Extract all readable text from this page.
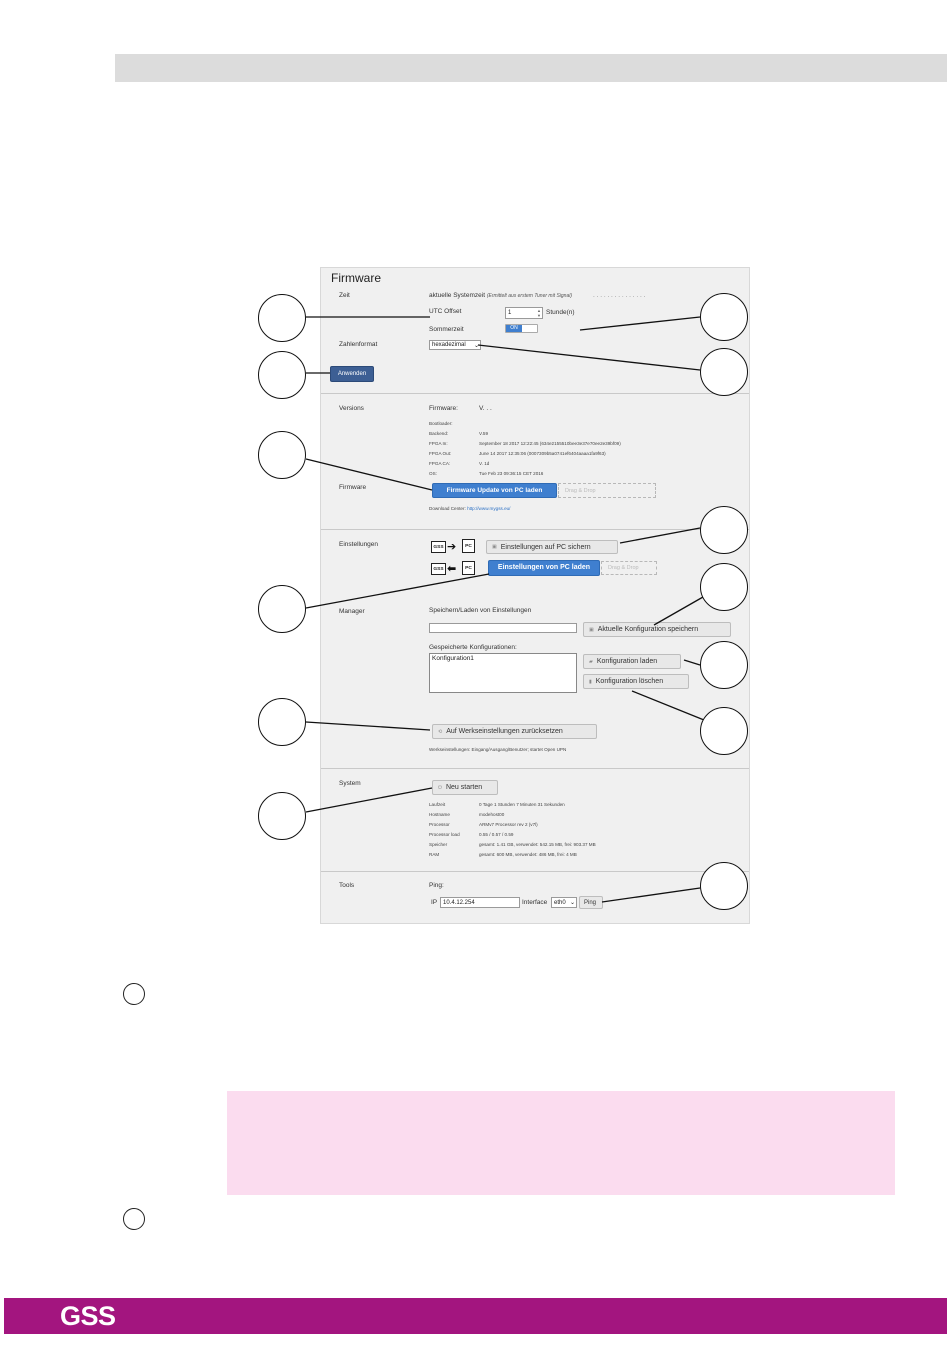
Firmware
Zeit	aktuelle Systemzeit (Ermittelt aus erstem Tuner mit Signal)	. . . . . . . . . . . . . . .
UTC Offset	1	▲
▼ Stunde(n)
Sommerzeit	ON
Zahlenformat	hexadezimal ⌄
Anwenden
Versions	Firmware:	V. . .
Bootloader:
Backend:	V.59
FPGA In:	September 18 2017 12:22:45 (634e2155510bee3e37e70ee2e39bf09)
FPGA Out:	June 14 2017 12:35:06 (0007309b5a0741ef6404aaaa1fa9f63)
FPGA CA:	V. 1d
OS:	Tue Feb 23 09:36:15 CET 2016
Firmware	Firmware Update von PC laden	Drag & Drop
Download Center: http://www.mygss.eu/
Einstellungen	GSS ➔	PC	▣ Einstellungen auf PC sichern
GSS ⬅	PC	Einstellungen von PC laden	Drag & Drop
Manager	Speichern/Laden von Einstellungen
▣ Aktuelle Konfiguration speichern
Gespeicherte Konfigurationen:
Konfiguration1	▰ Konfiguration laden
▮ Konfiguration löschen
⟲ Auf Werkseinstellungen zurücksetzen
Werkseinstellungen: Eingang/Ausgang/Benutzer; startet Open UPN
System
⏻ Neu starten
Laufzeit	0 Tage 1 Stunden 7 Minuten 31 Sekunden
Hostname	modehost00
Processor	ARMv7 Processor rev 2 (v7l)
Processor load	0.55 / 0.57 / 0.59
Speicher	gesamt: 1.41 GB, verwendet: 542.15 MB, frei: 903.37 MB
RAM	gesamt: 600 MB, verwendet: 486 MB, frei: 4 MB
Tools	Ping:
IP 10.4.12.254	Interface eth0 ⌄	Ping
GSS
